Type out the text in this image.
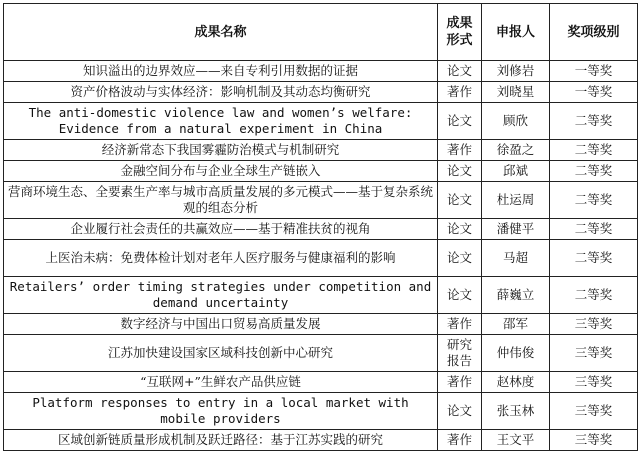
成果名称	成果形式	申报人	奖项级别
知识溢出的边界效应——来自专利引用数据的证据	论文	刘修岩	一等奖
资产价格波动与实体经济：影响机制及其动态均衡研究	著作	刘晓星	一等奖
The anti-domestic violence law and women’s welfare: Evidence from a natural experiment in China	论文	顾欣	二等奖
经济新常态下我国雾霾防治模式与机制研究	著作	徐盈之	二等奖
金融空间分布与企业全球生产链嵌入	论文	邱斌	二等奖
营商环境生态、全要素生产率与城市高质量发展的多元模式——基于复杂系统观的组态分析	论文	杜运周	二等奖
企业履行社会责任的共赢效应——基于精准扶贫的视角	论文	潘健平	二等奖
上医治未病：免费体检计划对老年人医疗服务与健康福利的影响	论文	马超	二等奖
Retailers’ order timing strategies under competition and demand uncertainty	论文	薛巍立	二等奖
数字经济与中国出口贸易高质量发展	著作	邵军	三等奖
江苏加快建设国家区域科技创新中心研究	研究报告	仲伟俊	三等奖
“互联网+”生鲜农产品供应链	著作	赵林度	三等奖
Platform responses to entry in a local market with mobile providers	论文	张玉林	三等奖
区域创新链质量形成机制及跃迁路径：基于江苏实践的研究	著作	王文平	三等奖
